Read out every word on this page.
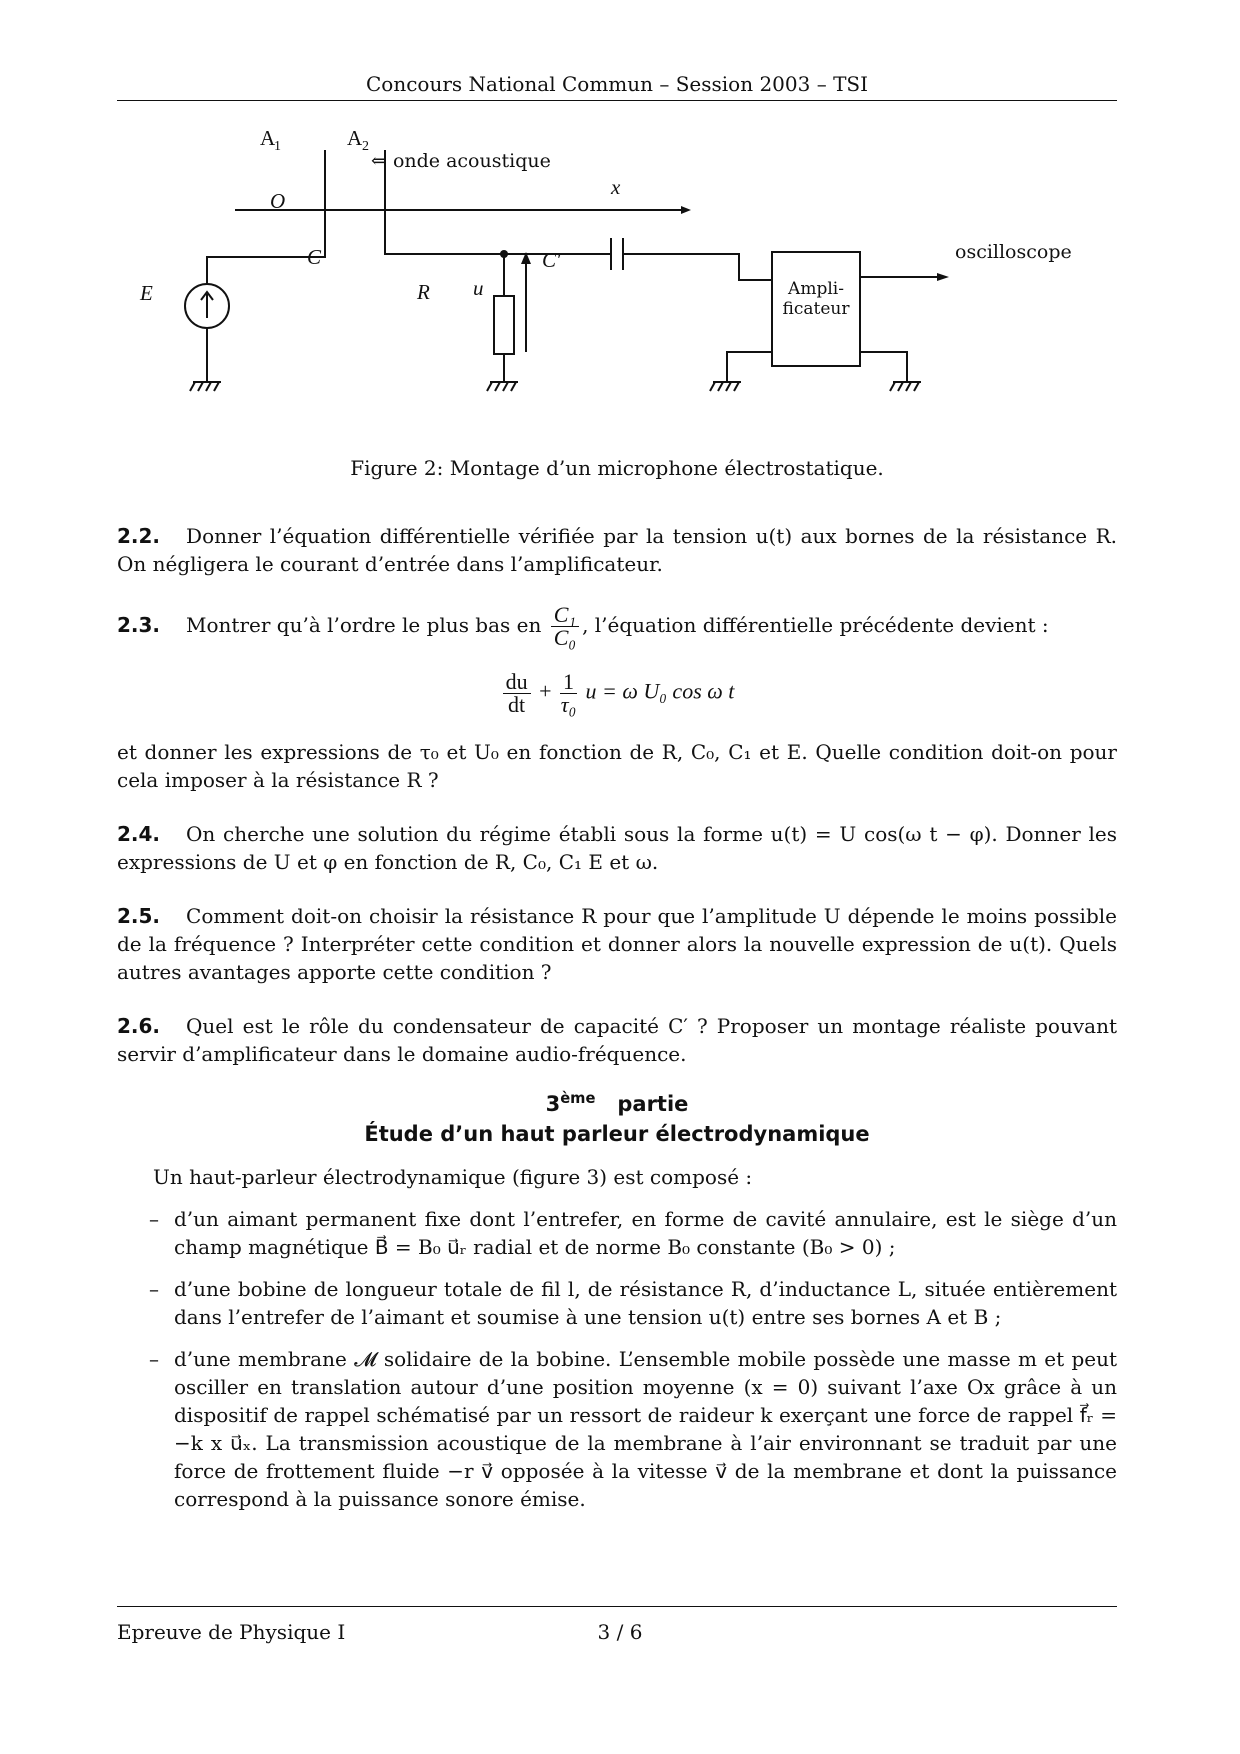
Concours National Commun – Session 2003 – TSI
A
1	A 2
⇐ onde acoustique
x
O
C	C′
E	R u	Ampli-
ficateur
oscilloscope
Figure 2: Montage d’un microphone électrostatique.

2.2. Donner l’équation différentielle vérifiée par la tension u(t) aux bornes de la résistance R. On négligera le courant d’entrée dans l’amplificateur.

2.3. Montrer qu’à l’ordre le plus bas en $\frac{\text{C₁}}{\text{C₀}}$ , l’équation différentielle précédente devient :

$\frac{du}{dt} + \frac{1}{\text{τ₀}}$ u = ω U₀ cos ω t

et donner les expressions de τ₀ et U₀ en fonction de R, C₀, C₁ et E. Quelle condition doit-on pour cela imposer à la résistance R ?

2.4. On cherche une solution du régime établi sous la forme u(t) = U cos(ω t − φ). Donner les expressions de U et φ en fonction de R, C₀, C₁ E et ω.

2.5. Comment doit-on choisir la résistance R pour que l’amplitude U dépende le moins possible de la fréquence ? Interpréter cette condition et donner alors la nouvelle expression de u(t). Quels autres avantages apporte cette condition ?

2.6. Quel est le rôle du condensateur de capacité C′ ? Proposer un montage réaliste pouvant servir d’amplificateur dans le domaine audio-fréquence.

3ème partie
Étude d’un haut parleur électrodynamique

Un haut-parleur électrodynamique (figure 3) est composé :

– d’un aimant permanent fixe dont l’entrefer, en forme de cavité annulaire, est le siège d’un champ magnétique B⃗ = B₀ u⃗ᵣ radial et de norme B₀ constante (B₀ > 0) ;
– d’une bobine de longueur totale de fil l, de résistance R, d’inductance L, située entièrement dans l’entrefer de l’aimant et soumise à une tension u(t) entre ses bornes A et B ;
– d’une membrane 𝓜 solidaire de la bobine. L’ensemble mobile possède une masse m et peut osciller en translation autour d’une position moyenne (x = 0) suivant l’axe Ox grâce à un dispositif de rappel schématisé par un ressort de raideur k exerçant une force de rappel f⃗ᵣ = −k x u⃗ₓ. La transmission acoustique de la membrane à l’air environnant se traduit par une force de frottement fluide −r v⃗ opposée à la vitesse v⃗ de la membrane et dont la puissance correspond à la puissance sonore émise.
Epreuve de Physique I	3 / 6
